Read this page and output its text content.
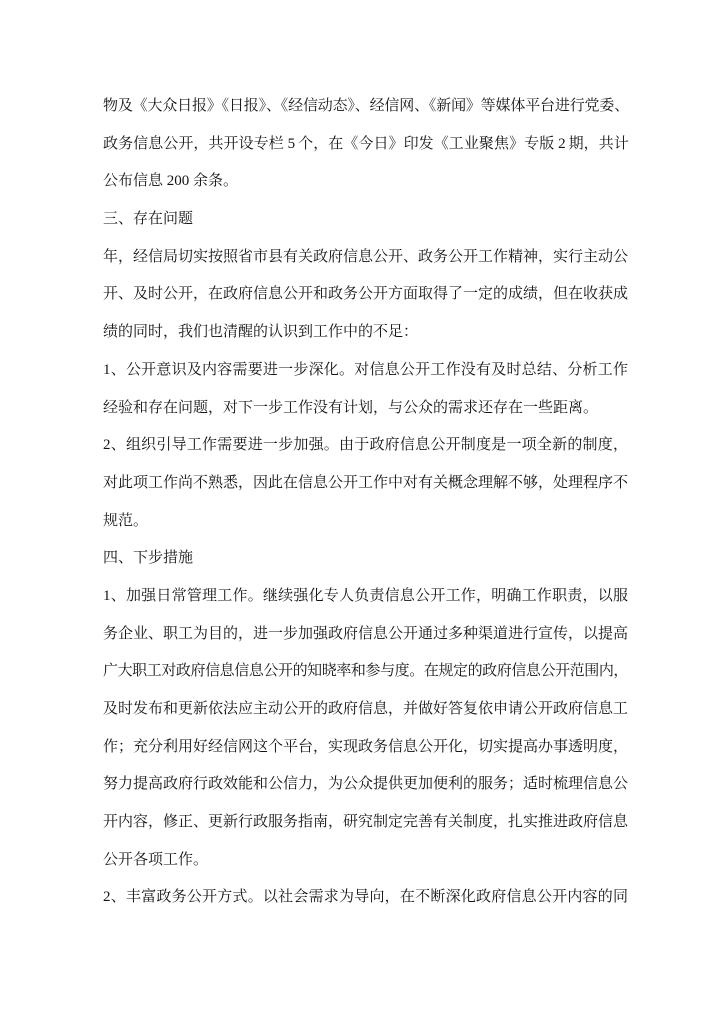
物及《大众日报》《日报》、《经信动态》、经信网、《新闻》等媒体平台进行党委、
政务信息公开，共开设专栏 5 个，在《今日》印发《工业聚焦》专版 2 期，共计
公布信息 200 余条。
三、存在问题
年，经信局切实按照省市县有关政府信息公开、政务公开工作精神，实行主动公
开、及时公开，在政府信息公开和政务公开方面取得了一定的成绩，但在收获成
绩的同时，我们也清醒的认识到工作中的不足：
1、公开意识及内容需要进一步深化。对信息公开工作没有及时总结、分析工作
经验和存在问题，对下一步工作没有计划，与公众的需求还存在一些距离。
2、组织引导工作需要进一步加强。由于政府信息公开制度是一项全新的制度，
对此项工作尚不熟悉，因此在信息公开工作中对有关概念理解不够，处理程序不
规范。
四、下步措施
1、加强日常管理工作。继续强化专人负责信息公开工作，明确工作职责，以服
务企业、职工为目的，进一步加强政府信息公开通过多种渠道进行宣传，以提高
广大职工对政府信息信息公开的知晓率和参与度。在规定的政府信息公开范围内，
及时发布和更新依法应主动公开的政府信息，并做好答复依申请公开政府信息工
作；充分利用好经信网这个平台，实现政务信息公开化，切实提高办事透明度，
努力提高政府行政效能和公信力，为公众提供更加便利的服务；适时梳理信息公
开内容，修正、更新行政服务指南，研究制定完善有关制度，扎实推进政府信息
公开各项工作。
2、丰富政务公开方式。以社会需求为导向，在不断深化政府信息公开内容的同
